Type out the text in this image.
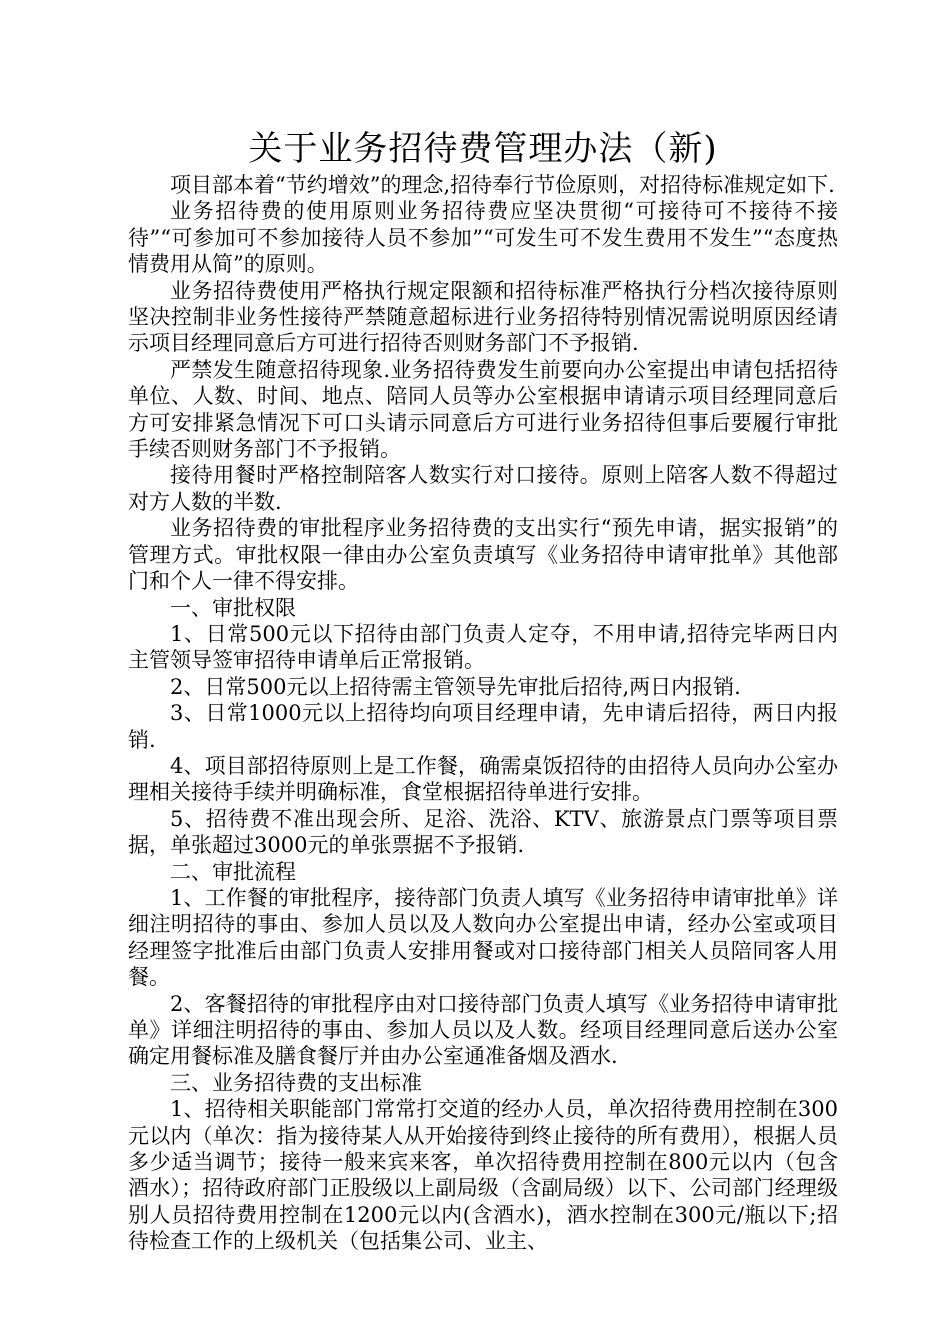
关于业务招待费管理办法（新)

项目部本着“节约增效”的理念,招待奉行节俭原则，对招待标准规定如下.

业务招待费的使用原则业务招待费应坚决贯彻“可接待可不接待不接待”“可参加可不参加接待人员不参加”“可发生可不发生费用不发生”“态度热情费用从简”的原则。

业务招待费使用严格执行规定限额和招待标准严格执行分档次接待原则坚决控制非业务性接待严禁随意超标进行业务招待特别情况需说明原因经请示项目经理同意后方可进行招待否则财务部门不予报销.

严禁发生随意招待现象.业务招待费发生前要向办公室提出申请包括招待单位、人数、时间、地点、陪同人员等办公室根据申请请示项目经理同意后方可安排紧急情况下可口头请示同意后方可进行业务招待但事后要履行审批手续否则财务部门不予报销。

接待用餐时严格控制陪客人数实行对口接待。原则上陪客人数不得超过对方人数的半数.

业务招待费的审批程序业务招待费的支出实行“预先申请，据实报销”的管理方式。审批权限一律由办公室负责填写《业务招待申请审批单》其他部门和个人一律不得安排。

一、审批权限

1、日常500元以下招待由部门负责人定夺，不用申请,招待完毕两日内主管领导签审招待申请单后正常报销。

2、日常500元以上招待需主管领导先审批后招待,两日内报销.

3、日常1000元以上招待均向项目经理申请，先申请后招待，两日内报销.

4、项目部招待原则上是工作餐，确需桌饭招待的由招待人员向办公室办理相关接待手续并明确标准，食堂根据招待单进行安排。

5、招待费不准出现会所、足浴、洗浴、KTV、旅游景点门票等项目票据，单张超过3000元的单张票据不予报销.

二、审批流程

1、工作餐的审批程序，接待部门负责人填写《业务招待申请审批单》详细注明招待的事由、参加人员以及人数向办公室提出申请，经办公室或项目经理签字批准后由部门负责人安排用餐或对口接待部门相关人员陪同客人用餐。

2、客餐招待的审批程序由对口接待部门负责人填写《业务招待申请审批单》详细注明招待的事由、参加人员以及人数。经项目经理同意后送办公室确定用餐标准及膳食餐厅并由办公室通准备烟及酒水.

三、业务招待费的支出标准

1、招待相关职能部门常常打交道的经办人员，单次招待费用控制在300元以内（单次：指为接待某人从开始接待到终止接待的所有费用），根据人员多少适当调节；接待一般来宾来客，单次招待费用控制在800元以内（包含酒水）；招待政府部门正股级以上副局级（含副局级）以下、公司部门经理级别人员招待费用控制在1200元以内(含酒水)，酒水控制在300元/瓶以下;招待检查工作的上级机关（包括集公司、业主、
